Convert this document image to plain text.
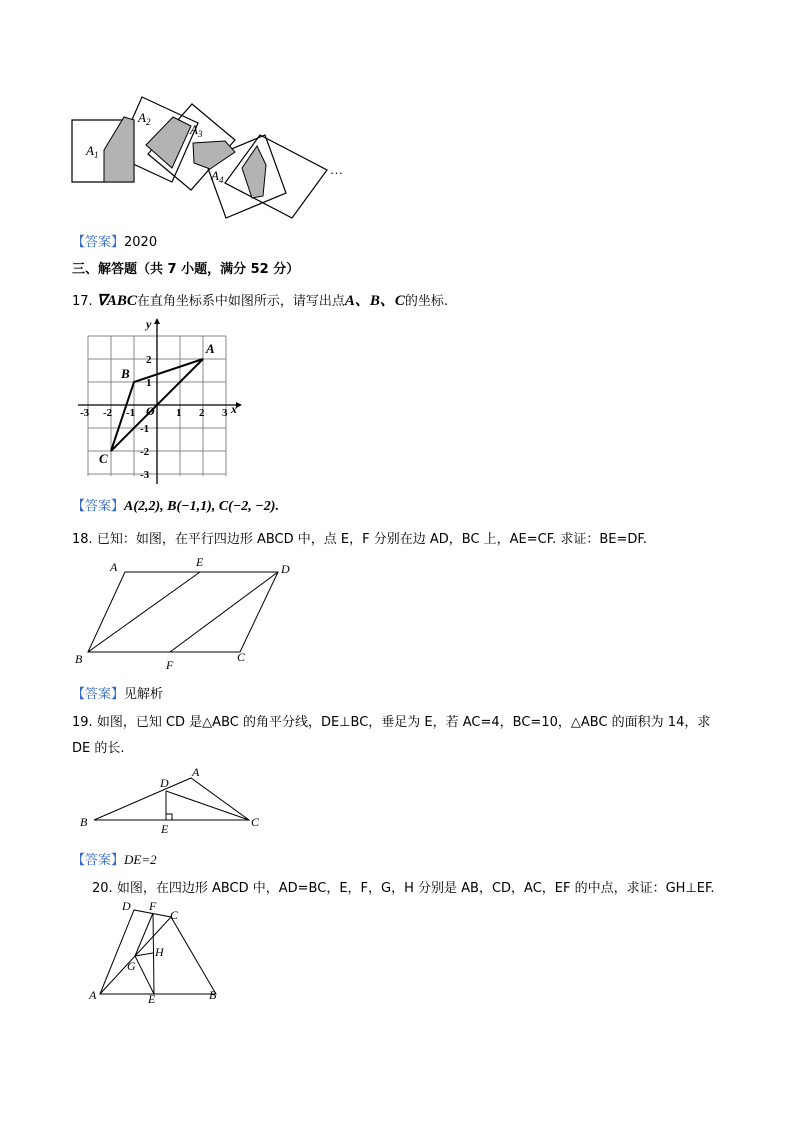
$A_1$
$A_2$	$A_3$
$A_4$
…
【答案】2020
三、解答题（共 7 小题，满分 52 分）
17. ∇ABC在直角坐标系中如图所示，请写出点A、B、C的坐标.
y
x
-3 -2 -1	1 2 3
2
1
-1
-2
-3
O
A
B
C
【答案】A(2,2), B(−1,1), C(−2, −2).
18. 已知：如图，在平行四边形 ABCD 中，点 E，F 分别在边 AD，BC 上，AE=CF. 求证：BE=DF.
A	E	D
B	F
C
【答案】见解析
19. 如图，已知 CD 是△ABC 的角平分线，DE⊥BC，垂足为 E，若 AC=4，BC=10，△ABC 的面积为 14，求
DE 的长.
D
A
B	E	C
【答案】DE=2
20. 如图，在四边形 ABCD 中，AD=BC，E，F，G，H 分别是 AB，CD，AC，EF 的中点，求证：GH⊥EF.
D F
C
H
G
A	E	B
